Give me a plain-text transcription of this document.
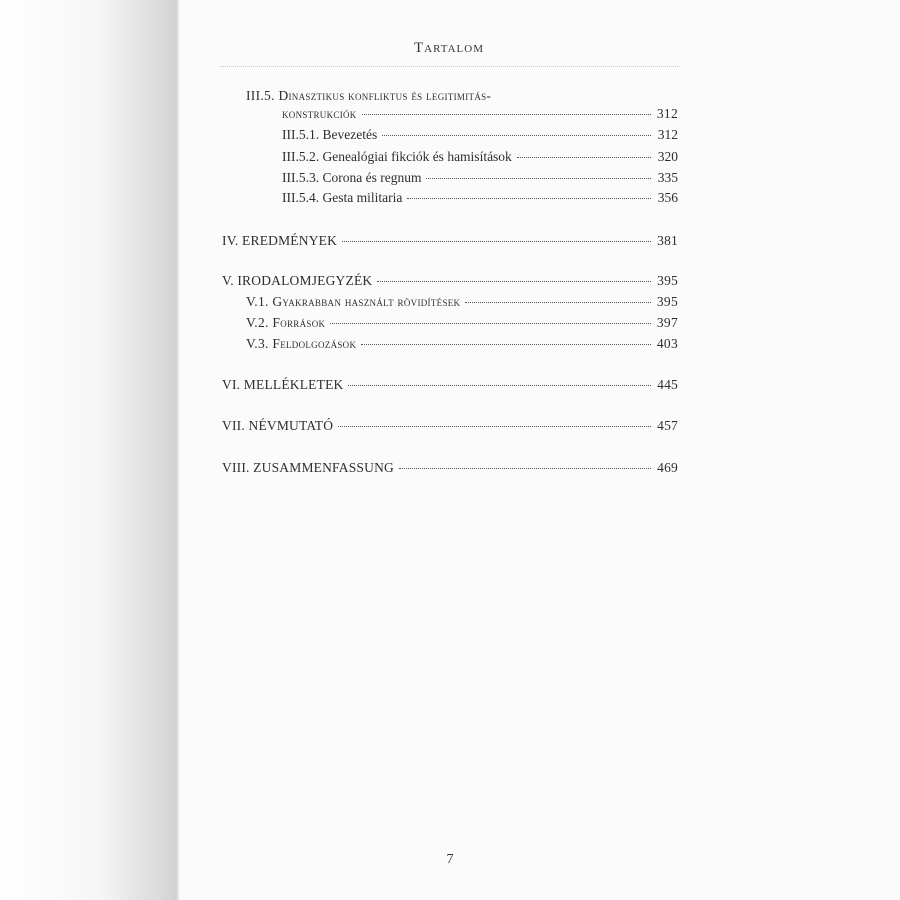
Tartalom
III.5. Dinasztikus konfliktus és legitimitás-
konstrukciók	312
III.5.1. Bevezetés	312
III.5.2. Genealógiai fikciók és hamisítások	320
III.5.3. Corona és regnum	335
III.5.4. Gesta militaria	356
IV. EREDMÉNYEK	381
V. IRODALOMJEGYZÉK	395
V.1. Gyakrabban használt rövidítések	395
V.2. Források	397
V.3. Feldolgozások	403
VI. MELLÉKLETEK	445
VII. NÉVMUTATÓ	457
VIII. ZUSAMMENFASSUNG	469
7
